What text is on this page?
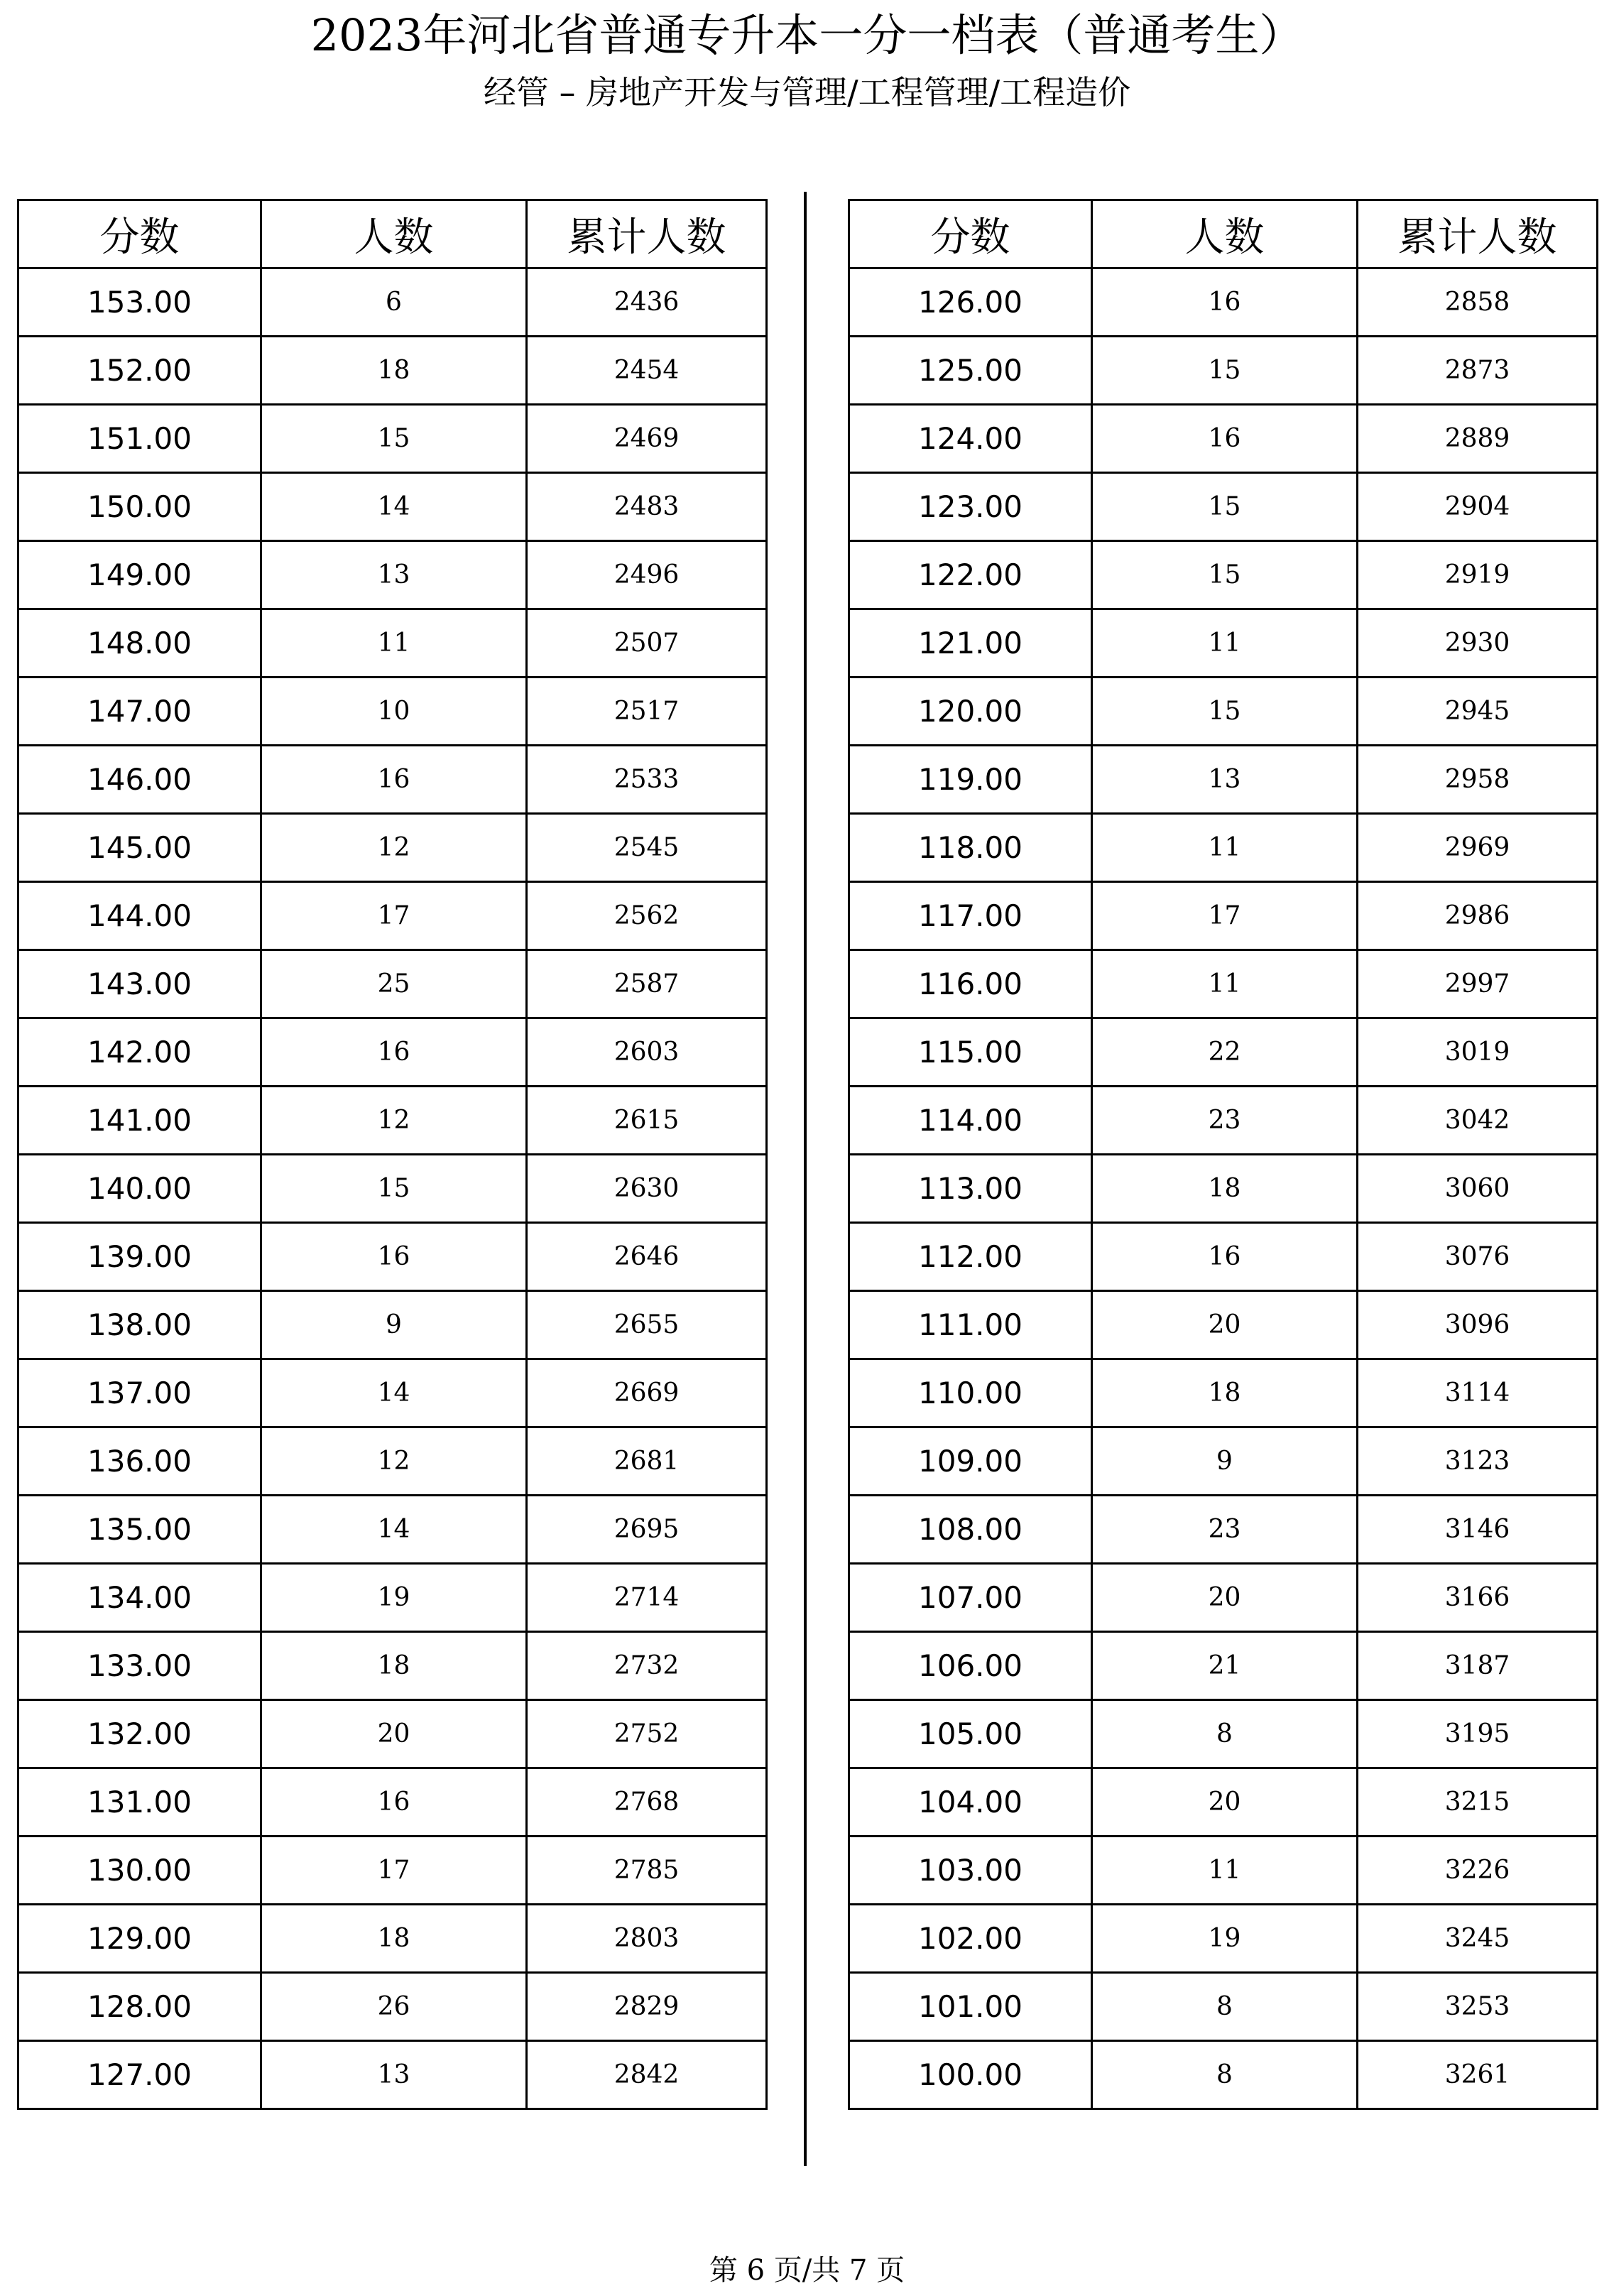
2023年河北省普通专升本一分一档表（普通考生）
经管 – 房地产开发与管理/工程管理/工程造价
分数	人数	累计人数
153.00	6	2436
152.00	18	2454
151.00	15	2469
150.00	14	2483
149.00	13	2496
148.00	11	2507
147.00	10	2517
146.00	16	2533
145.00	12	2545
144.00	17	2562
143.00	25	2587
142.00	16	2603
141.00	12	2615
140.00	15	2630
139.00	16	2646
138.00	9	2655
137.00	14	2669
136.00	12	2681
135.00	14	2695
134.00	19	2714
133.00	18	2732
132.00	20	2752
131.00	16	2768
130.00	17	2785
129.00	18	2803
128.00	26	2829
127.00	13	2842
分数	人数	累计人数
126.00	16	2858
125.00	15	2873
124.00	16	2889
123.00	15	2904
122.00	15	2919
121.00	11	2930
120.00	15	2945
119.00	13	2958
118.00	11	2969
117.00	17	2986
116.00	11	2997
115.00	22	3019
114.00	23	3042
113.00	18	3060
112.00	16	3076
111.00	20	3096
110.00	18	3114
109.00	9	3123
108.00	23	3146
107.00	20	3166
106.00	21	3187
105.00	8	3195
104.00	20	3215
103.00	11	3226
102.00	19	3245
101.00	8	3253
100.00	8	3261
第 6 页/共 7 页
